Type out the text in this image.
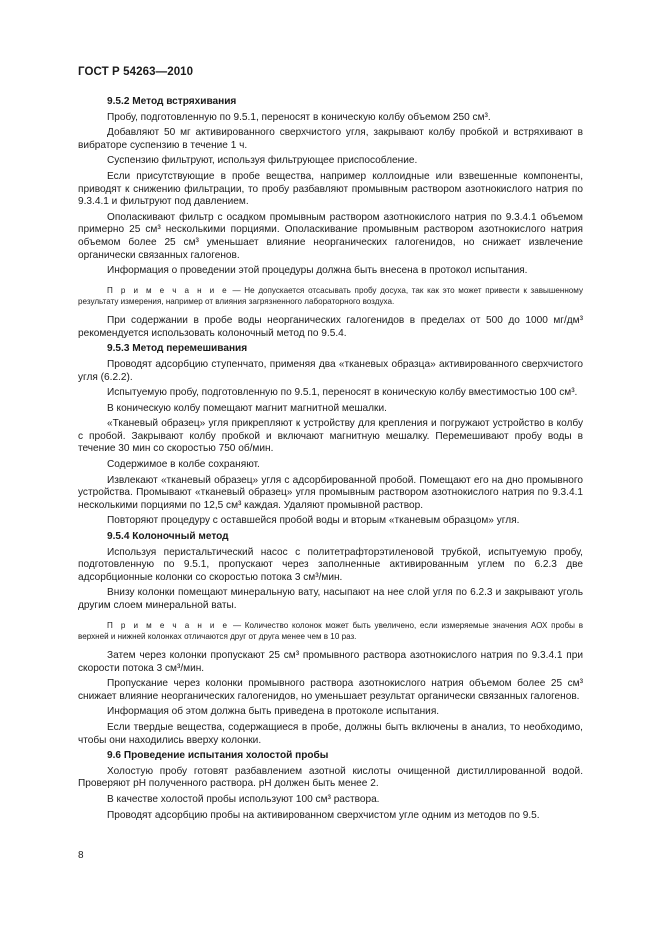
ГОСТ Р 54263—2010

9.5.2 Метод встряхивания

Пробу, подготовленную по 9.5.1, переносят в коническую колбу объемом 250 см³.

Добавляют 50 мг активированного сверхчистого угля, закрывают колбу пробкой и встряхивают в вибраторе суспензию в течение 1 ч.

Суспензию фильтруют, используя фильтрующее приспособление.

Если присутствующие в пробе вещества, например коллоидные или взвешенные компоненты, приводят к снижению фильтрации, то пробу разбавляют промывным раствором азотнокислого натрия по 9.3.4.1 и фильтруют под давлением.

Ополаскивают фильтр с осадком промывным раствором азотнокислого натрия по 9.3.4.1 объемом примерно 25 см³ несколькими порциями. Ополаскивание промывным раствором азотнокислого натрия объемом более 25 см³ уменьшает влияние неорганических галогенидов, но снижает извлечение органически связанных галогенов.

Информация о проведении этой процедуры должна быть внесена в протокол испытания.

П р и м е ч а н и е — Не допускается отсасывать пробу досуха, так как это может привести к завышенному результату измерения, например от влияния загрязненного лабораторного воздуха.

При содержании в пробе воды неорганических галогенидов в пределах от 500 до 1000 мг/дм³ рекомендуется использовать колоночный метод по 9.5.4.

9.5.3 Метод перемешивания

Проводят адсорбцию ступенчато, применяя два «тканевых образца» активированного сверхчистого угля (6.2.2).

Испытуемую пробу, подготовленную по 9.5.1, переносят в коническую колбу вместимостью 100 см³.

В коническую колбу помещают магнит магнитной мешалки.

«Тканевый образец» угля прикрепляют к устройству для крепления и погружают устройство в колбу с пробой. Закрывают колбу пробкой и включают магнитную мешалку. Перемешивают пробу воды в течение 30 мин со скоростью 750 об/мин.

Содержимое в колбе сохраняют.

Извлекают «тканевый образец» угля с адсорбированной пробой. Помещают его на дно промывного устройства. Промывают «тканевый образец» угля промывным раствором азотнокислого натрия по 9.3.4.1 несколькими порциями по 12,5 см³ каждая. Удаляют промывной раствор.

Повторяют процедуру с оставшейся пробой воды и вторым «тканевым образцом» угля.

9.5.4 Колоночный метод

Используя перистальтический насос с политетрафторэтиленовой трубкой, испытуемую пробу, подготовленную по 9.5.1, пропускают через заполненные активированным углем по 6.2.3 две адсорбционные колонки со скоростью потока 3 см³/мин.

Внизу колонки помещают минеральную вату, насыпают на нее слой угля по 6.2.3 и закрывают уголь другим слоем минеральной ваты.

П р и м е ч а н и е — Количество колонок может быть увеличено, если измеряемые значения АОХ пробы в верхней и нижней колонках отличаются друг от друга менее чем в 10 раз.

Затем через колонки пропускают 25 см³ промывного раствора азотнокислого натрия по 9.3.4.1 при скорости потока 3 см³/мин.

Пропускание через колонки промывного раствора азотнокислого натрия объемом более 25 см³ снижает влияние неорганических галогенидов, но уменьшает результат органически связанных галогенов.

Информация об этом должна быть приведена в протоколе испытания.

Если твердые вещества, содержащиеся в пробе, должны быть включены в анализ, то необходимо, чтобы они находились вверху колонки.

9.6 Проведение испытания холостой пробы

Холостую пробу готовят разбавлением азотной кислоты очищенной дистиллированной водой. Проверяют pH полученного раствора. pH должен быть менее 2.

В качестве холостой пробы используют 100 см³ раствора.

Проводят адсорбцию пробы на активированном сверхчистом угле одним из методов по 9.5.

8
